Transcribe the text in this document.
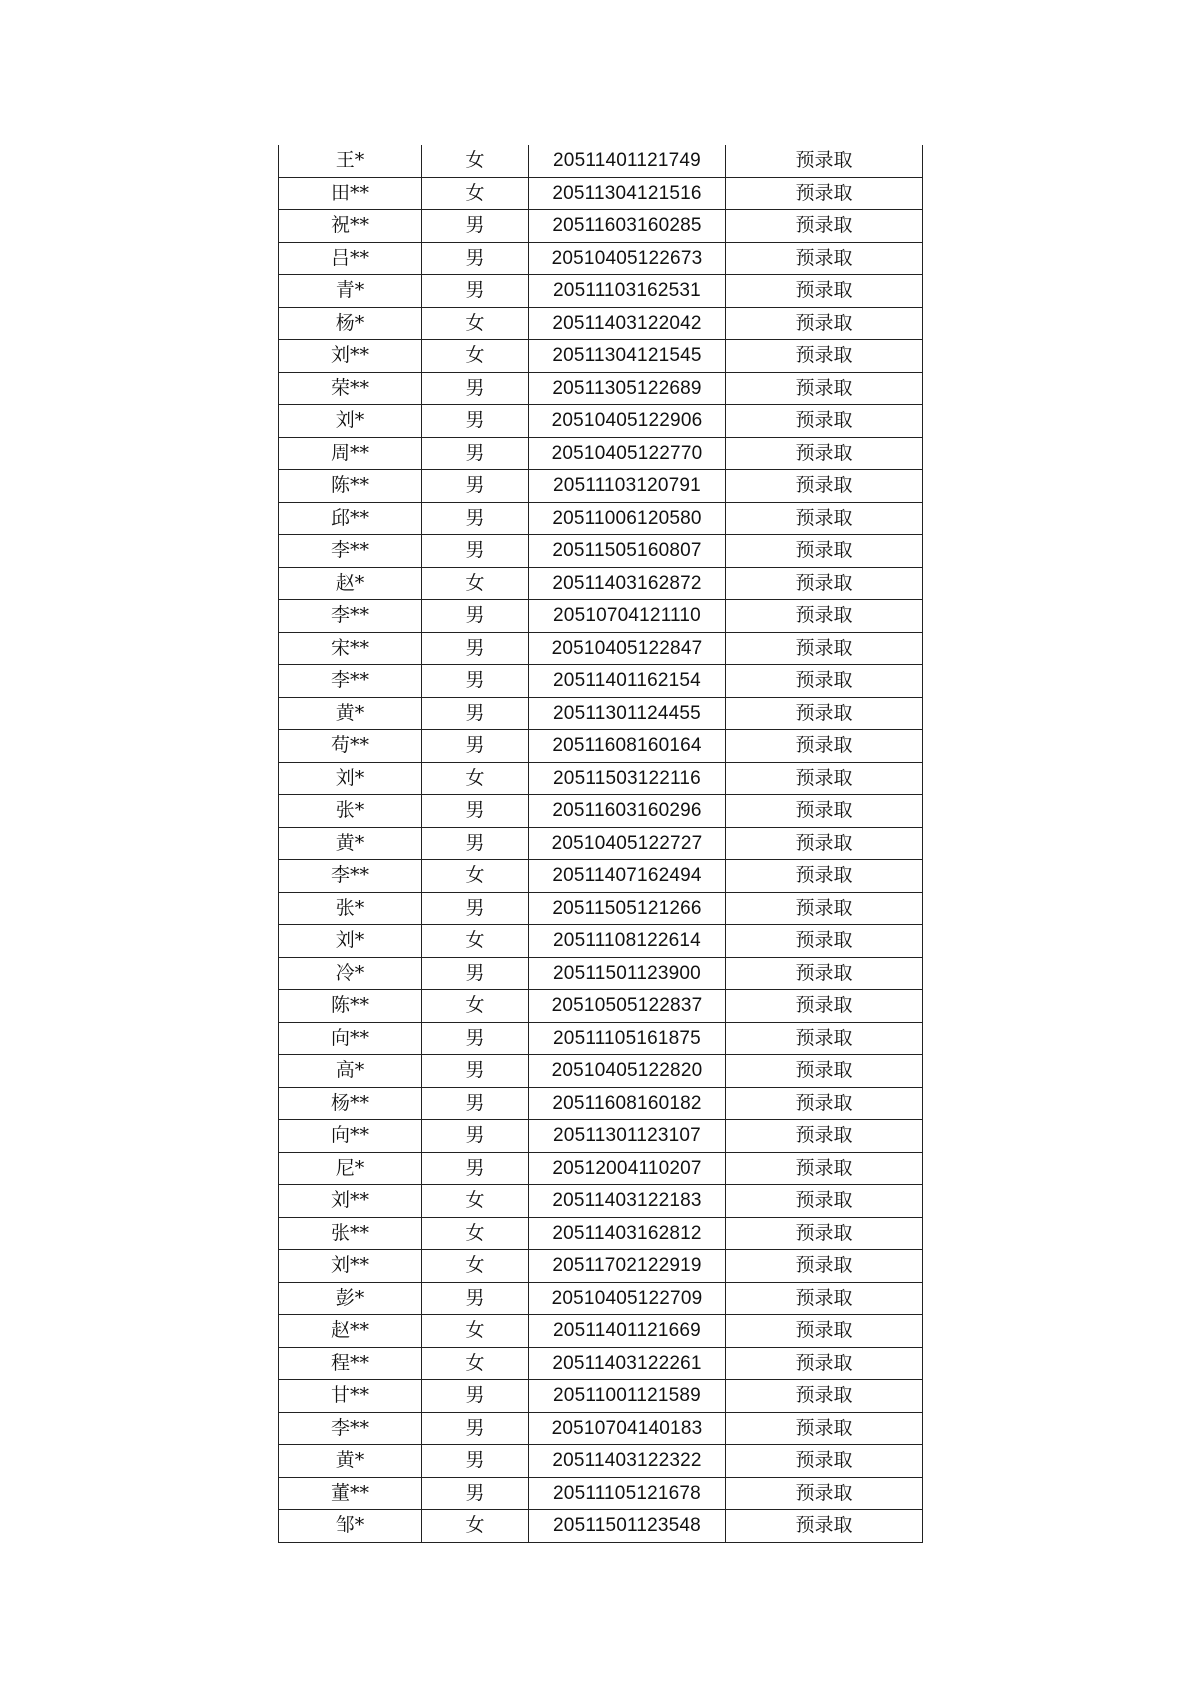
王*	女	20511401121749	预录取
田**	女	20511304121516	预录取
祝**	男	20511603160285	预录取
吕**	男	20510405122673	预录取
青*	男	20511103162531	预录取
杨*	女	20511403122042	预录取
刘**	女	20511304121545	预录取
荣**	男	20511305122689	预录取
刘*	男	20510405122906	预录取
周**	男	20510405122770	预录取
陈**	男	20511103120791	预录取
邱**	男	20511006120580	预录取
李**	男	20511505160807	预录取
赵*	女	20511403162872	预录取
李**	男	20510704121110	预录取
宋**	男	20510405122847	预录取
李**	男	20511401162154	预录取
黄*	男	20511301124455	预录取
苟**	男	20511608160164	预录取
刘*	女	20511503122116	预录取
张*	男	20511603160296	预录取
黄*	男	20510405122727	预录取
李**	女	20511407162494	预录取
张*	男	20511505121266	预录取
刘*	女	20511108122614	预录取
冷*	男	20511501123900	预录取
陈**	女	20510505122837	预录取
向**	男	20511105161875	预录取
高*	男	20510405122820	预录取
杨**	男	20511608160182	预录取
向**	男	20511301123107	预录取
尼*	男	20512004110207	预录取
刘**	女	20511403122183	预录取
张**	女	20511403162812	预录取
刘**	女	20511702122919	预录取
彭*	男	20510405122709	预录取
赵**	女	20511401121669	预录取
程**	女	20511403122261	预录取
甘**	男	20511001121589	预录取
李**	男	20510704140183	预录取
黄*	男	20511403122322	预录取
董**	男	20511105121678	预录取
邹*	女	20511501123548	预录取
